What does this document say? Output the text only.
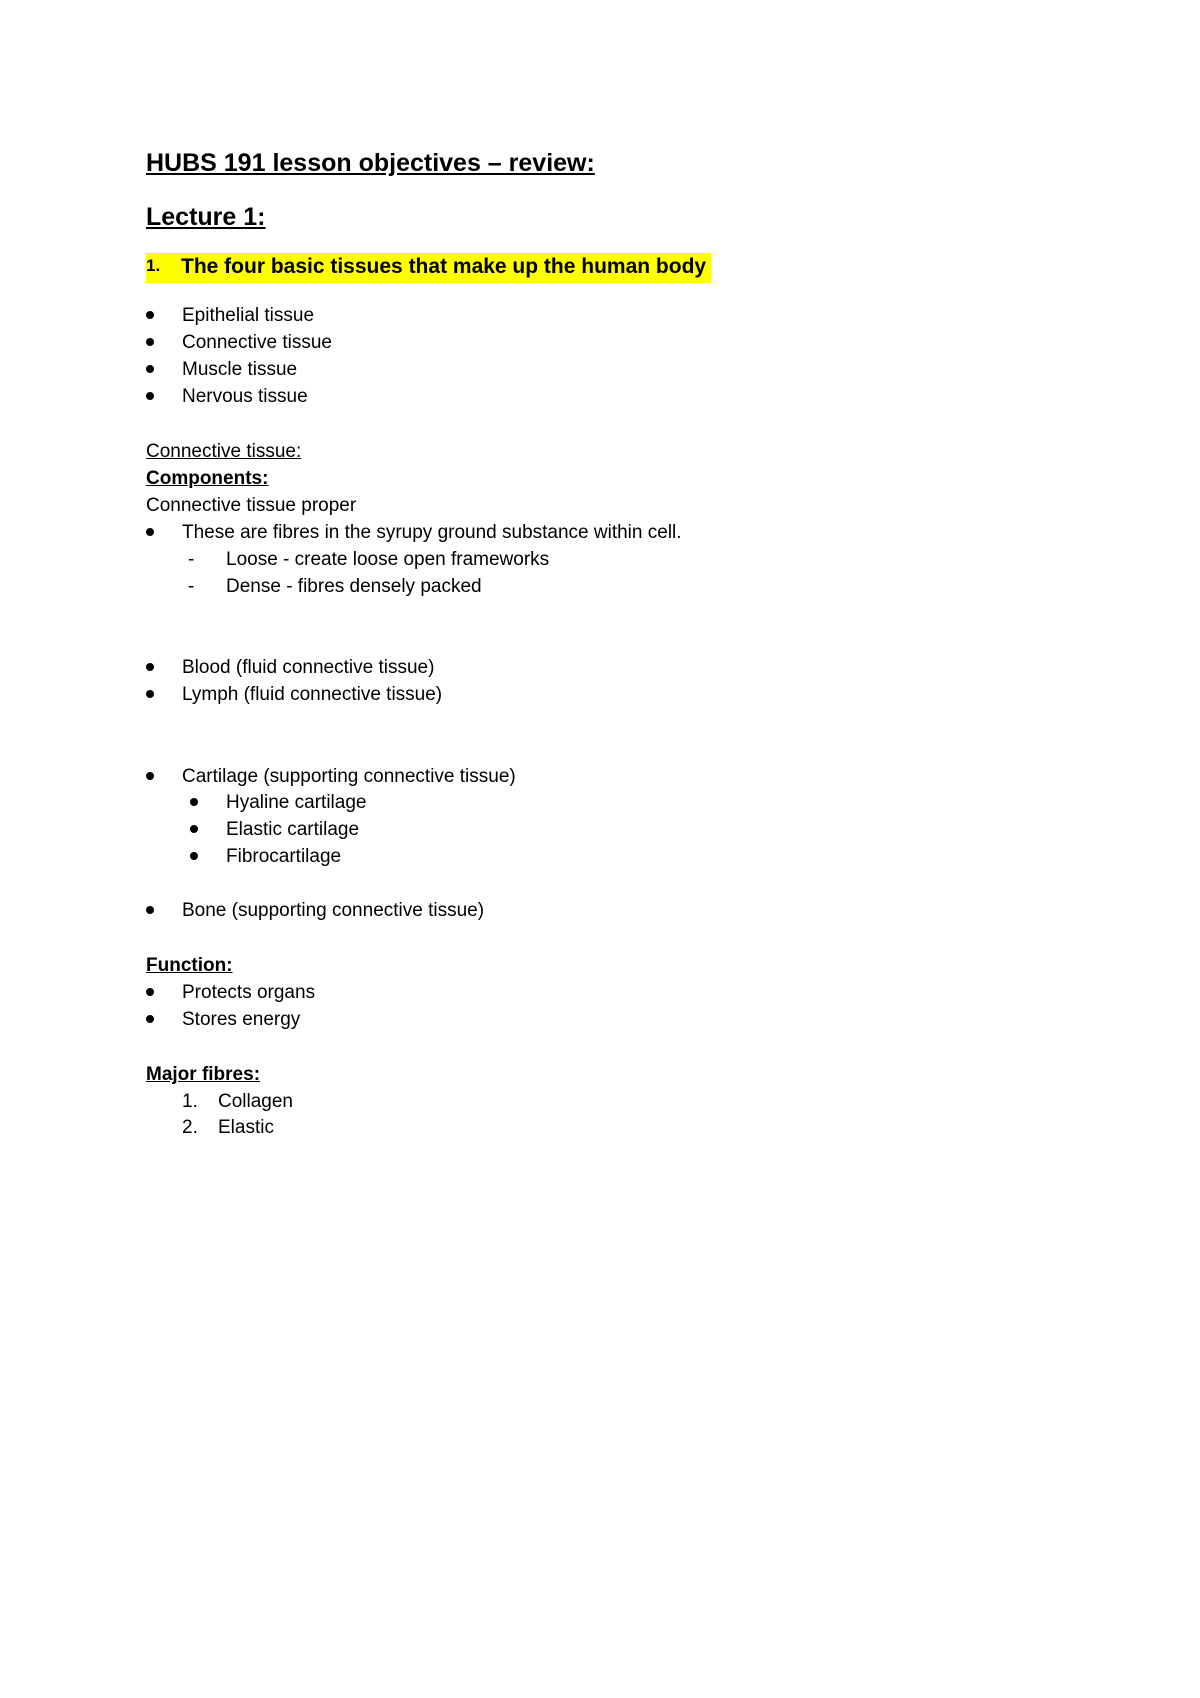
HUBS 191 lesson objectives – review:
Lecture 1:
1. The four basic tissues that make up the human body
Epithelial tissue
Connective tissue
Muscle tissue
Nervous tissue
Connective tissue:
Components:
Connective tissue proper
These are fibres in the syrupy ground substance within cell.
- Loose - create loose open frameworks
- Dense - fibres densely packed
Blood (fluid connective tissue)
Lymph (fluid connective tissue)
Cartilage (supporting connective tissue)
Hyaline cartilage
Elastic cartilage
Fibrocartilage
Bone (supporting connective tissue)
Function:
Protects organs
Stores energy
Major fibres:
1. Collagen
2. Elastic
